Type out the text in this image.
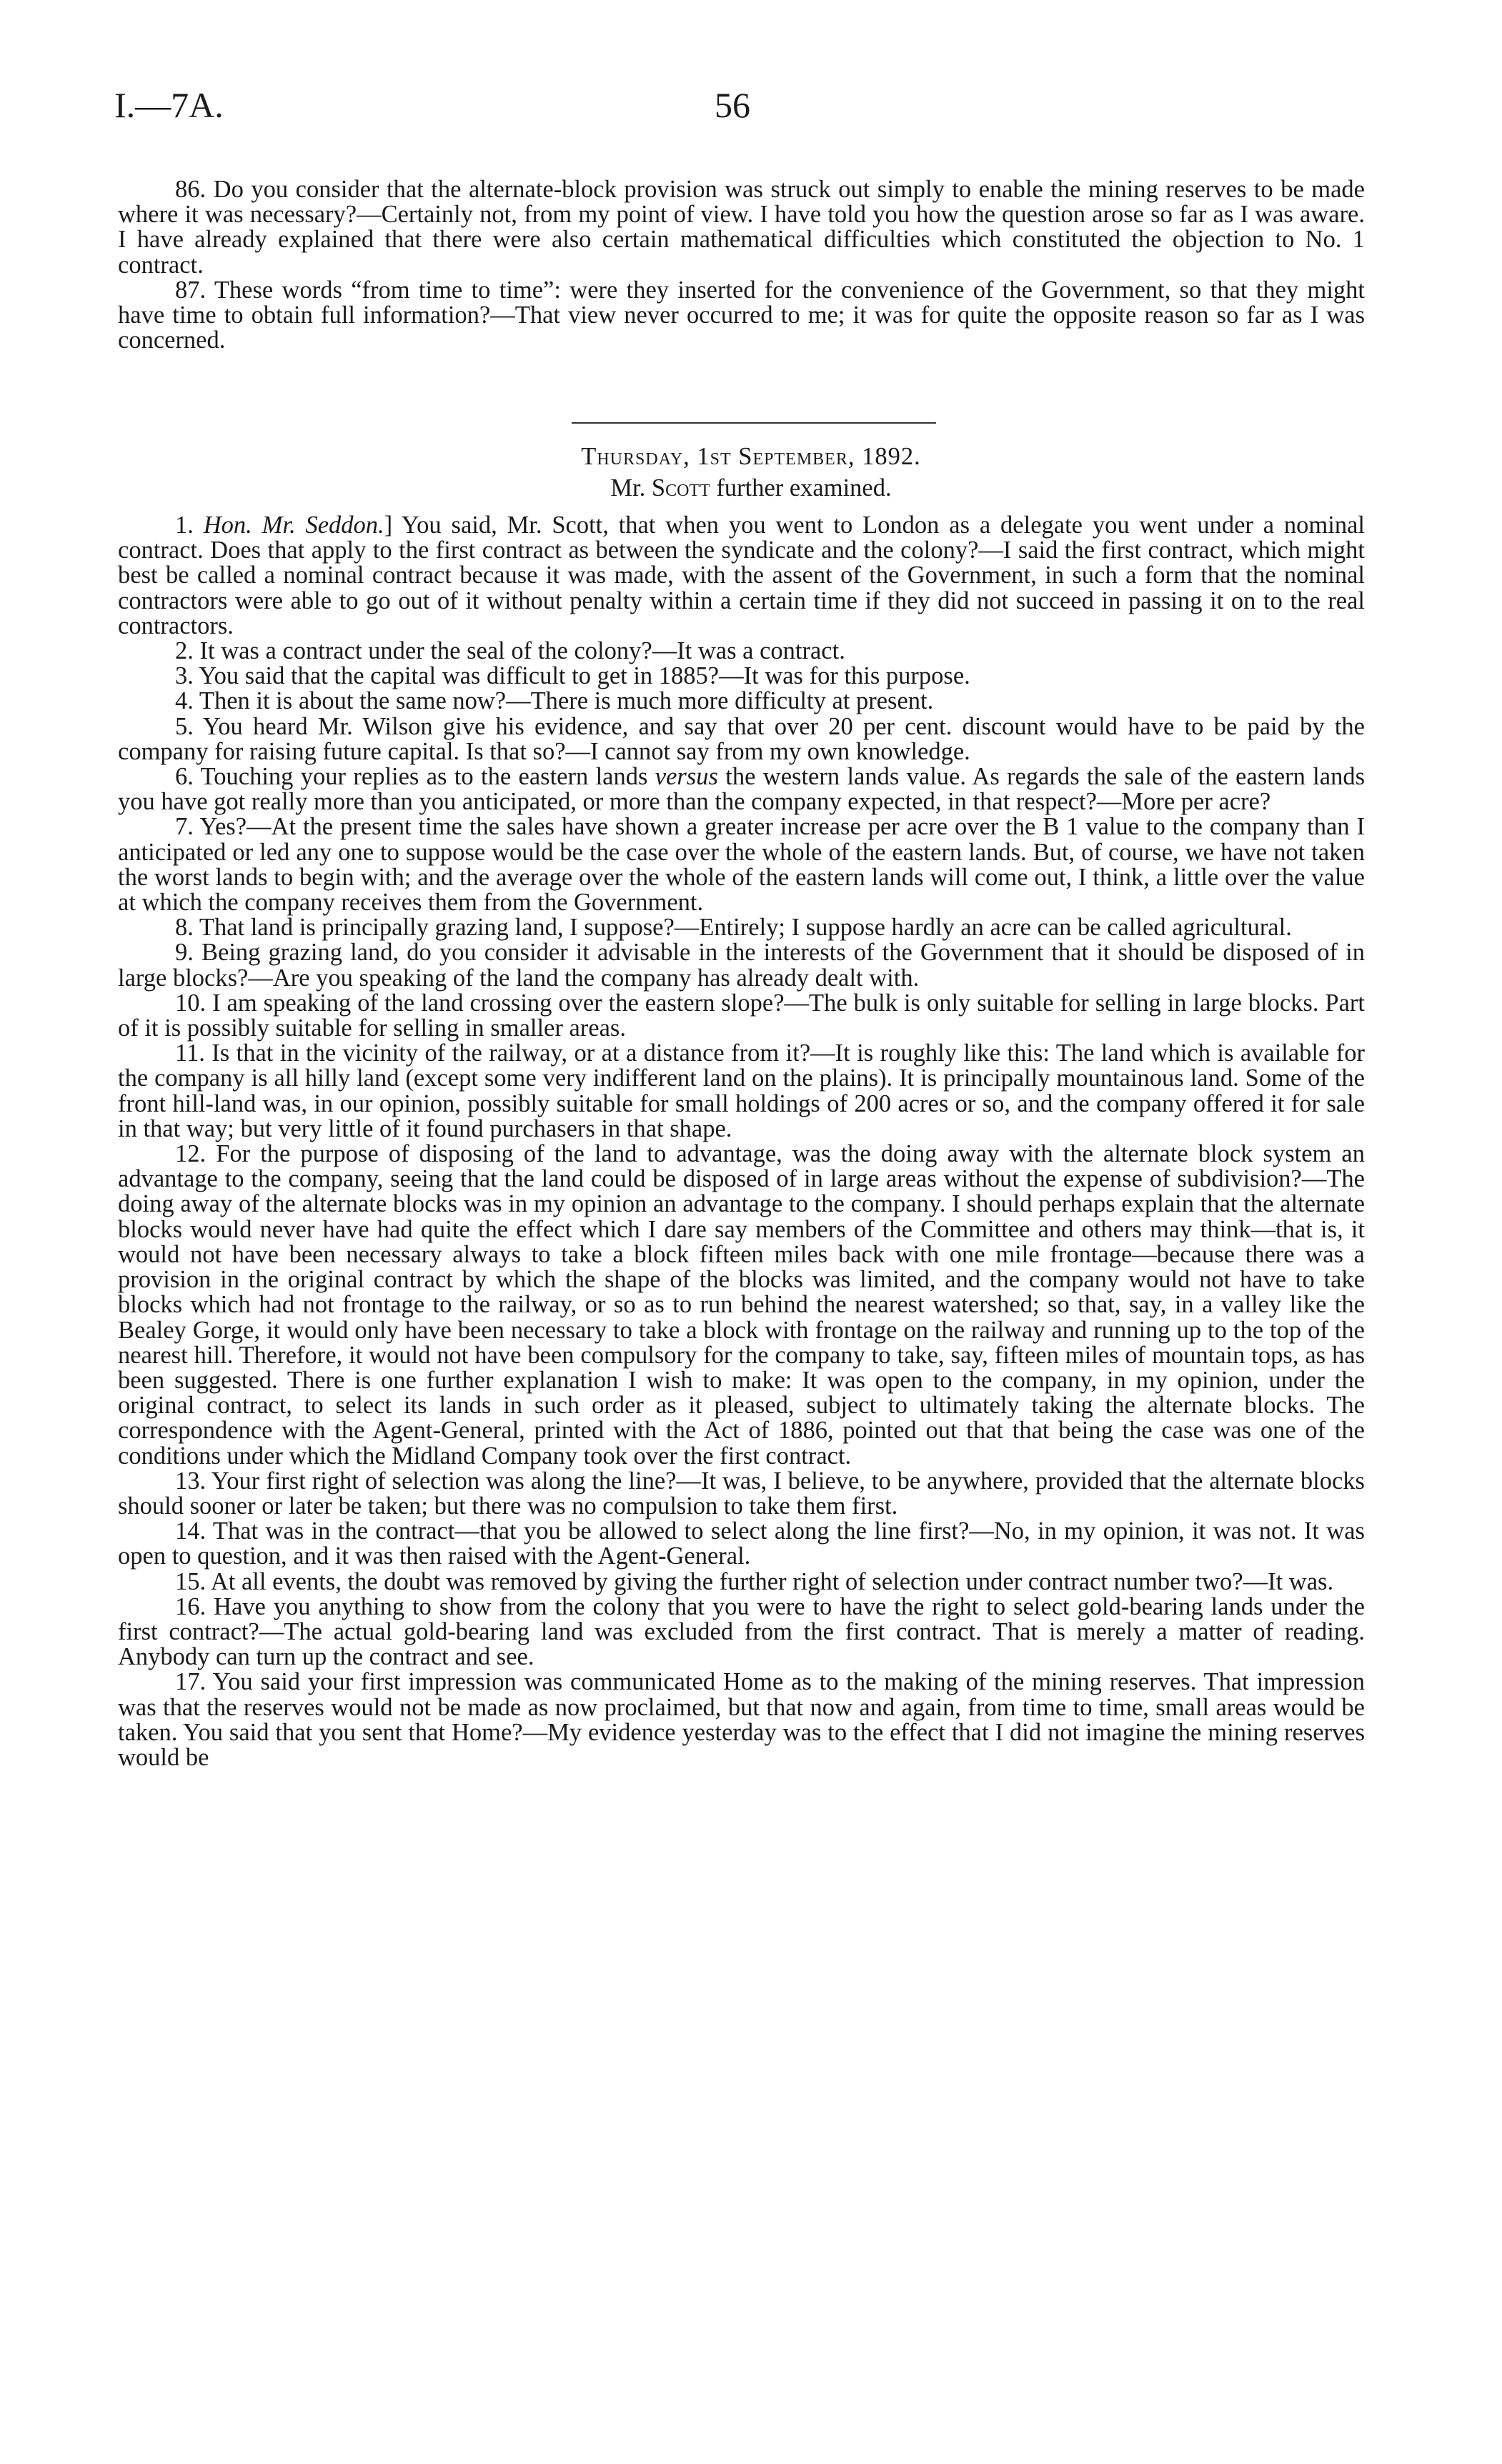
I.—7A.	56

86. Do you consider that the alternate-block provision was struck out simply to enable the mining reserves to be made where it was necessary?—Certainly not, from my point of view. I have told you how the question arose so far as I was aware. I have already explained that there were also certain mathematical difficulties which constituted the objection to No. 1 contract.

87. These words “from time to time”: were they inserted for the convenience of the Government, so that they might have time to obtain full information?—That view never occurred to me; it was for quite the opposite reason so far as I was concerned.

Thursday, 1st September, 1892.
Mr. Scott further examined.

1. Hon. Mr. Seddon.] You said, Mr. Scott, that when you went to London as a delegate you went under a nominal contract. Does that apply to the first contract as between the syndicate and the colony?—I said the first contract, which might best be called a nominal contract because it was made, with the assent of the Government, in such a form that the nominal contractors were able to go out of it without penalty within a certain time if they did not succeed in passing it on to the real contractors.

2. It was a contract under the seal of the colony?—It was a contract.

3. You said that the capital was difficult to get in 1885?—It was for this purpose.

4. Then it is about the same now?—There is much more difficulty at present.

5. You heard Mr. Wilson give his evidence, and say that over 20 per cent. discount would have to be paid by the company for raising future capital. Is that so?—I cannot say from my own knowledge.

6. Touching your replies as to the eastern lands versus the western lands value. As regards the sale of the eastern lands you have got really more than you anticipated, or more than the company expected, in that respect?—More per acre?

7. Yes?—At the present time the sales have shown a greater increase per acre over the B 1 value to the company than I anticipated or led any one to suppose would be the case over the whole of the eastern lands. But, of course, we have not taken the worst lands to begin with; and the average over the whole of the eastern lands will come out, I think, a little over the value at which the company receives them from the Government.

8. That land is principally grazing land, I suppose?—Entirely; I suppose hardly an acre can be called agricultural.

9. Being grazing land, do you consider it advisable in the interests of the Government that it should be disposed of in large blocks?—Are you speaking of the land the company has already dealt with.

10. I am speaking of the land crossing over the eastern slope?—The bulk is only suitable for selling in large blocks. Part of it is possibly suitable for selling in smaller areas.

11. Is that in the vicinity of the railway, or at a distance from it?—It is roughly like this: The land which is available for the company is all hilly land (except some very indifferent land on the plains). It is principally mountainous land. Some of the front hill-land was, in our opinion, possibly suitable for small holdings of 200 acres or so, and the company offered it for sale in that way; but very little of it found purchasers in that shape.

12. For the purpose of disposing of the land to advantage, was the doing away with the alternate block system an advantage to the company, seeing that the land could be disposed of in large areas without the expense of subdivision?—The doing away of the alternate blocks was in my opinion an advantage to the company. I should perhaps explain that the alternate blocks would never have had quite the effect which I dare say members of the Committee and others may think—that is, it would not have been necessary always to take a block fifteen miles back with one mile frontage—because there was a provision in the original contract by which the shape of the blocks was limited, and the company would not have to take blocks which had not frontage to the railway, or so as to run behind the nearest watershed; so that, say, in a valley like the Bealey Gorge, it would only have been necessary to take a block with frontage on the railway and running up to the top of the nearest hill. Therefore, it would not have been compulsory for the company to take, say, fifteen miles of mountain tops, as has been suggested. There is one further explanation I wish to make: It was open to the company, in my opinion, under the original contract, to select its lands in such order as it pleased, subject to ultimately taking the alternate blocks. The correspondence with the Agent-General, printed with the Act of 1886, pointed out that that being the case was one of the conditions under which the Midland Company took over the first contract.

13. Your first right of selection was along the line?—It was, I believe, to be anywhere, provided that the alternate blocks should sooner or later be taken; but there was no compulsion to take them first.

14. That was in the contract—that you be allowed to select along the line first?—No, in my opinion, it was not. It was open to question, and it was then raised with the Agent-General.

15. At all events, the doubt was removed by giving the further right of selection under contract number two?—It was.

16. Have you anything to show from the colony that you were to have the right to select gold-bearing lands under the first contract?—The actual gold-bearing land was excluded from the first contract. That is merely a matter of reading. Anybody can turn up the contract and see.

17. You said your first impression was communicated Home as to the making of the mining reserves. That impression was that the reserves would not be made as now proclaimed, but that now and again, from time to time, small areas would be taken. You said that you sent that Home?—My evidence yesterday was to the effect that I did not imagine the mining reserves would be
